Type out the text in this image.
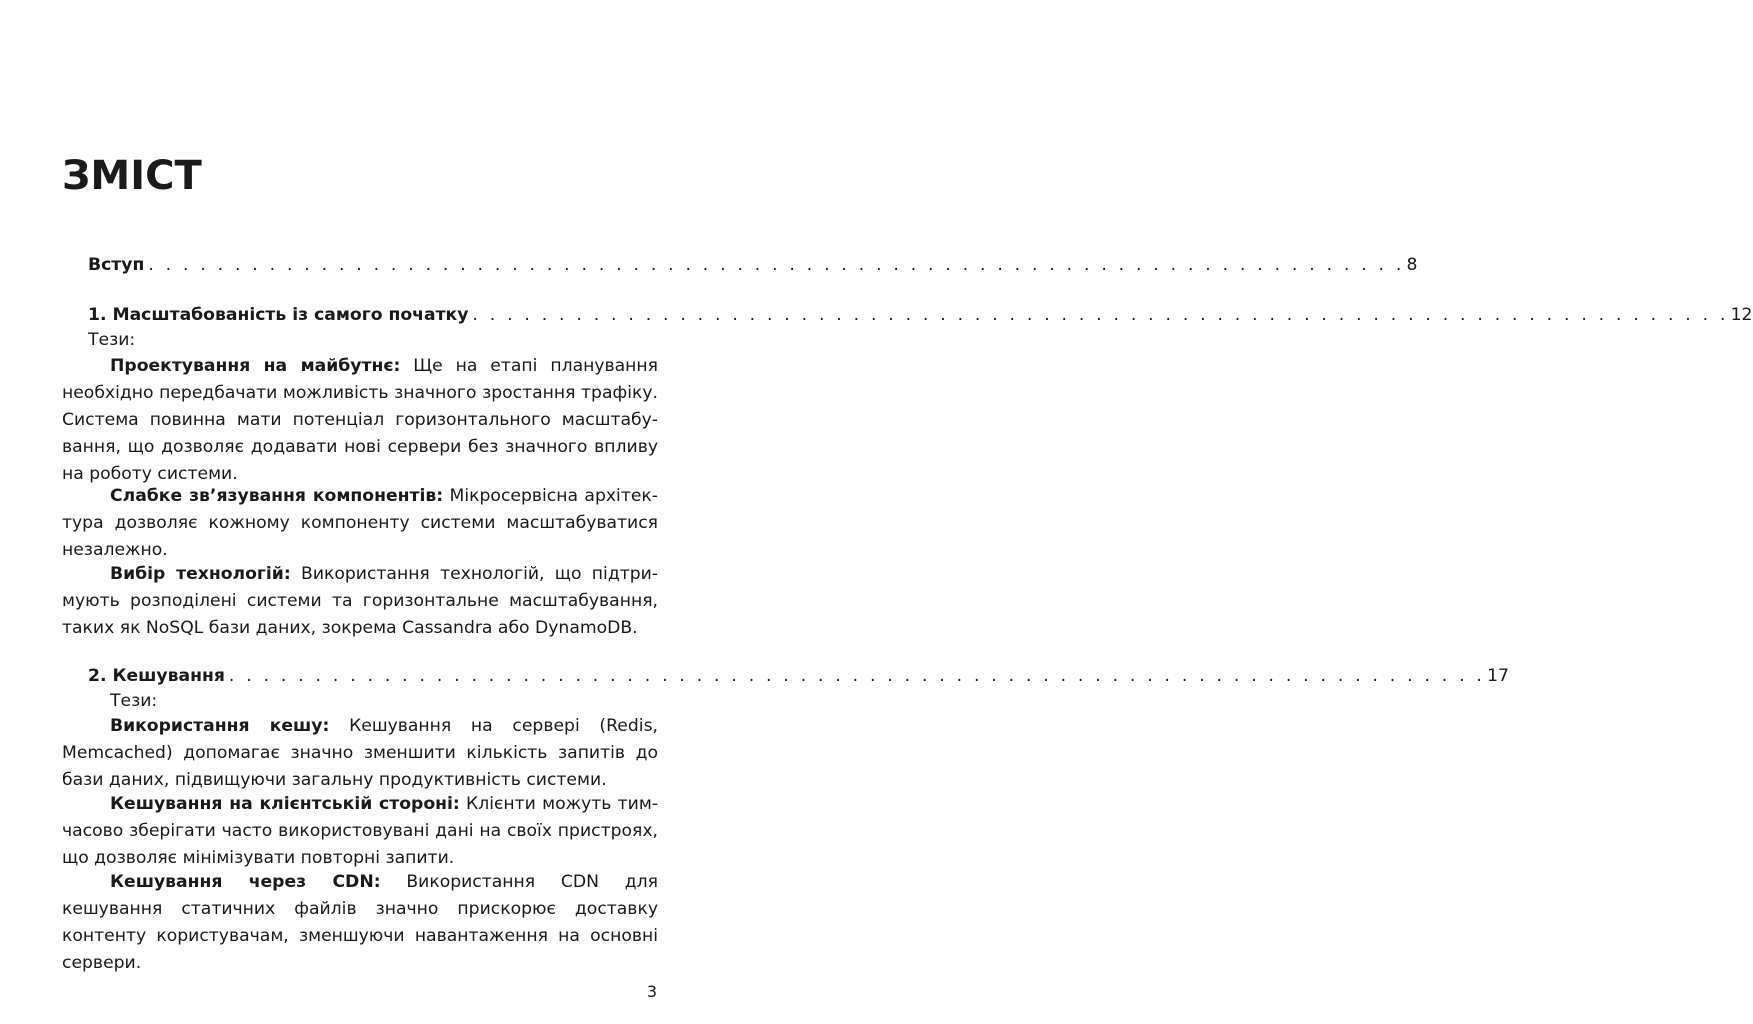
ЗМІСТ
Вступ . . . . . . . . . . . . . . . . . . . . . . . . . . . . . . . . . . . . . . . . . . . . . . . . . . . . . . . . . . . . . . . . . . . . . . . . . 8
1. Масштабованість із самого початку . . . . . . . . . . . . . . . . . . . . . . . . . . . . . . . . . . . . . . . . . . . . . . . . . . . . . . . . . . . . . . . . . . . . . . . . . 12
Тези:

Проектування на майбутнє: Ще на етапі планування необхідно передбачати можливість значного зростання трафіку. Система повинна мати потенціал горизонтального масштабування, що дозволяє додавати нові сервери без значного впливу на роботу системи.

Слабке зв’язування компонентів: Мікросервісна архітектура дозволяє кожному компоненту системи масштабуватися незалежно.

Вибір технологій: Використання технологій, що підтримують розподілені системи та горизонтальне масштабування, таких як NoSQL бази даних, зокрема Cassandra або DynamoDB.

2. Кешування . . . . . . . . . . . . . . . . . . . . . . . . . . . . . . . . . . . . . . . . . . . . . . . . . . . . . . . . . . . . . . . . . . . . . . . . . 17
Тези:

Використання кешу: Кешування на сервері (Redis, Memcached) допомагає значно зменшити кількість запитів до бази даних, підвищуючи загальну продуктивність системи.

Кешування на клієнтській стороні: Клієнти можуть тимчасово зберігати часто використовувані дані на своїх пристроях, що дозволяє мінімізувати повторні запити.

Кешування через CDN: Використання CDN для кешування статичних файлів значно прискорює доставку контенту користувачам, зменшуючи навантаження на основні сервери.

3
